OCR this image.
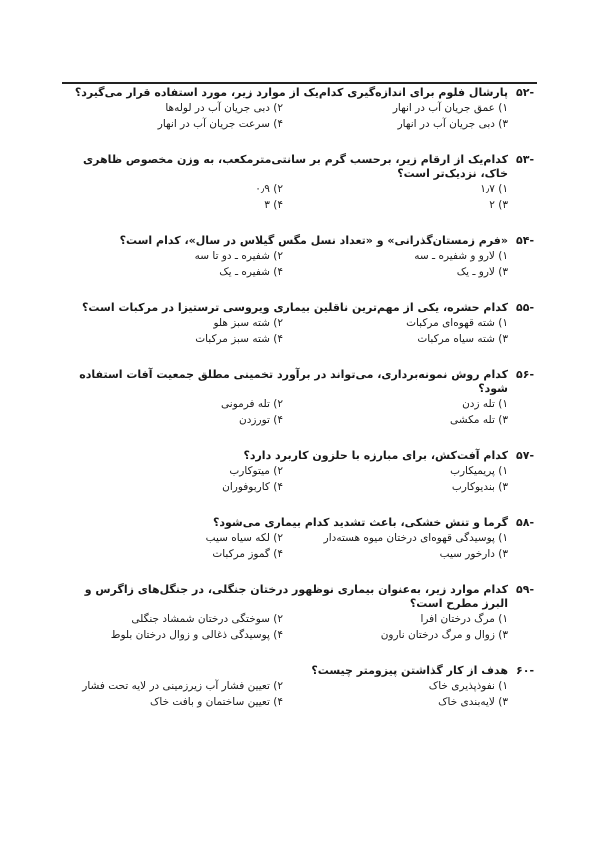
-۵۲
پارشال فلوم برای اندازه‌گیری کدام‌یک از موارد زیر، مورد استفاده قرار می‌گیرد؟
۱) عمق جریان آب در انهار
۲) دبی جریان آب در لوله‌ها
۳) دبی جریان آب در انهار
۴) سرعت جریان آب در انهار
-۵۳
کدام‌یک از ارقام زیر، برحسب گرم بر سانتی‌مترمکعب، به وزن مخصوص ظاهری خاک، نزدیک‌تر است؟
۱) ۱٫۷
۲) ۰٫۹
۳) ۲
۴) ۳
-۵۴
«فرم زمستان‌گذرانی» و «تعداد نسل مگس گیلاس در سال»، کدام است؟
۱) لارو و شفیره ـ سه
۲) شفیره ـ دو تا سه
۳) لارو ـ یک
۴) شفیره ـ یک
-۵۵
کدام حشره، یکی از مهم‌ترین ناقلین بیماری ویروسی ترستیزا در مرکبات است؟
۱) شته قهوه‌ای مرکبات
۲) شته سبز هلو
۳) شته سیاه مرکبات
۴) شته سبز مرکبات
-۵۶
کدام روش نمونه‌برداری، می‌تواند در برآورد تخمینی مطلق جمعیت آفات استفاده شود؟
۱) تله زدن
۲) تله فرمونی
۳) تله مکشی
۴) تورزدن
-۵۷
کدام آفت‌کش، برای مبارزه با حلزون کاربرد دارد؟
۱) پریمیکارب
۲) میتوکارب
۳) بندیوکارب
۴) کاربوفوران
-۵۸
گرما و تنش خشکی، باعث تشدید کدام بیماری می‌شود؟
۱) پوسیدگی قهوه‌ای درختان میوه هسته‌دار
۲) لکه سیاه سیب
۳) دارخور سیب
۴) گموز مرکبات
-۵۹
کدام موارد زیر، به‌عنوان بیماری نوظهور درختان جنگلی، در جنگل‌های زاگرس و البرز مطرح است؟
۱) مرگ درختان افرا
۲) سوختگی درختان شمشاد جنگلی
۳) زوال و مرگ درختان نارون
۴) پوسیدگی ذغالی و زوال درختان بلوط
-۶۰
هدف از کار گذاشتن پیزومتر چیست؟
۱) نفوذپذیری خاک
۲) تعیین فشار آب زیرزمینی در لایه تحت فشار
۳) لایه‌بندی خاک
۴) تعیین ساختمان و بافت خاک
